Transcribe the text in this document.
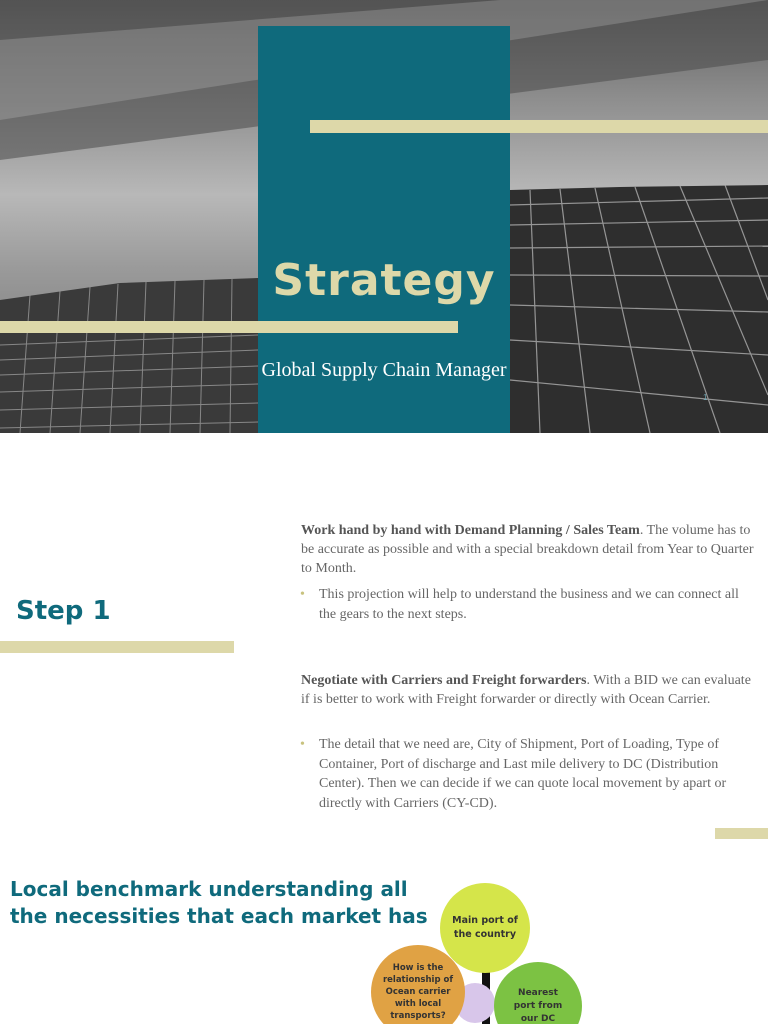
Strategy
Global Supply Chain Manager
1
Step 1
Work hand by hand with Demand Planning / Sales Team. The volume has to be accurate as possible and with a special breakdown detail from Year to Quarter to Month.
• This projection will help to understand the business and we can connect all the gears to the next steps.
Negotiate with Carriers and Freight forwarders. With a BID we can evaluate if is better to work with Freight forwarder or directly with Ocean Carrier.
• The detail that we need are, City of Shipment, Port of Loading, Type of Container, Port of discharge and Last mile delivery to DC (Distribution Center). Then we can decide if we can quote local movement by apart or directly with Carriers (CY-CD).
Local benchmark understanding all the necessities that each market has	Main port of the country
How is the relationship of Ocean carrier with local transports?
Nearest port from our DC
